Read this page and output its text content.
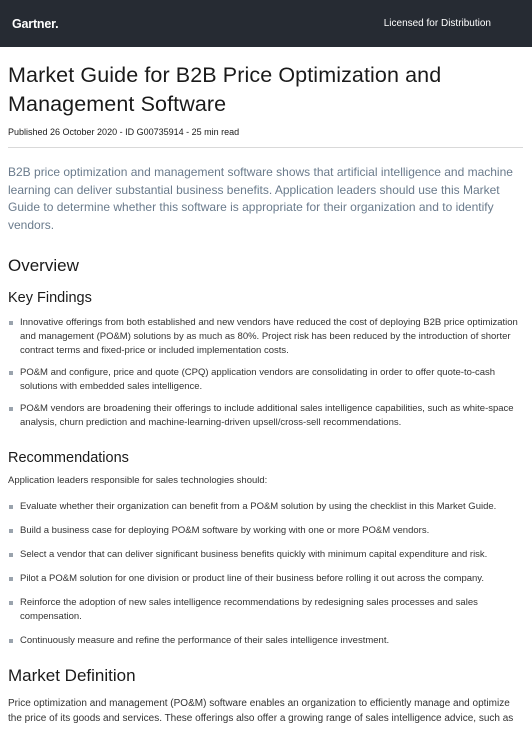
Gartner.	Licensed for Distribution
Market Guide for B2B Price Optimization and
Management Software

Published 26 October 2020 - ID G00735914 - 25 min read

B2B price optimization and management software shows that artificial intelligence and machine learning can deliver substantial business benefits. Application leaders should use this Market Guide to determine whether this software is appropriate for their organization and to identify vendors.

Overview
Key Findings
Innovative offerings from both established and new vendors have reduced the cost of deploying B2B price optimization and management (PO&M) solutions by as much as 80%. Project risk has been reduced by the introduction of shorter contract terms and fixed-price or included implementation costs.
PO&M and configure, price and quote (CPQ) application vendors are consolidating in order to offer quote-to-cash solutions with embedded sales intelligence.
PO&M vendors are broadening their offerings to include additional sales intelligence capabilities, such as white-space analysis, churn prediction and machine-learning-driven upsell/cross-sell recommendations.
Recommendations

Application leaders responsible for sales technologies should:

Evaluate whether their organization can benefit from a PO&M solution by using the checklist in this Market Guide.
Build a business case for deploying PO&M software by working with one or more PO&M vendors.
Select a vendor that can deliver significant business benefits quickly with minimum capital expenditure and risk.
Pilot a PO&M solution for one division or product line of their business before rolling it out across the company.
Reinforce the adoption of new sales intelligence recommendations by redesigning sales processes and sales compensation.
Continuously measure and refine the performance of their sales intelligence investment.
Market Definition

Price optimization and management (PO&M) software enables an organization to efficiently manage and optimize the price of its goods and services. These offerings also offer a growing range of sales intelligence advice, such as
